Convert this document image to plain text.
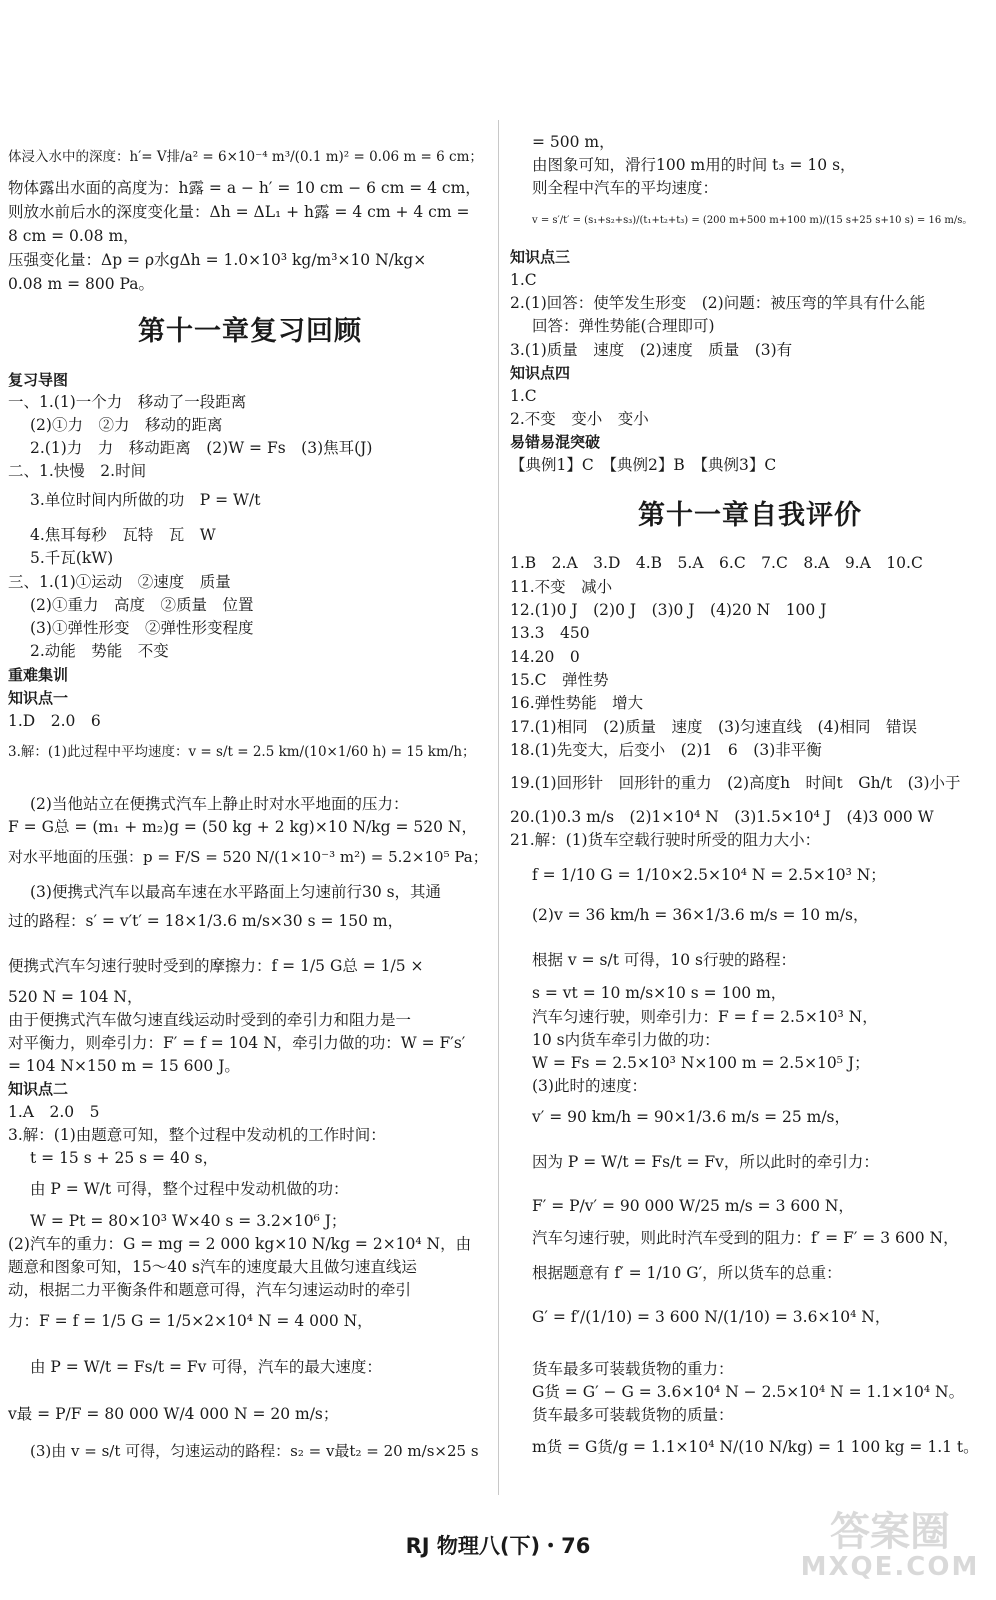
体浸入水中的深度：h′= V排/a² = 6×10⁻⁴ m³/(0.1 m)² = 0.06 m = 6 cm；
物体露出水面的高度为：h露 = a − h′ = 10 cm − 6 cm = 4 cm，
则放水前后水的深度变化量：Δh = ΔL₁ + h露 = 4 cm + 4 cm =
8 cm = 0.08 m，
压强变化量：Δp = ρ水gΔh = 1.0×10³ kg/m³×10 N/kg×
0.08 m = 800 Pa。
第十一章复习回顾
复习导图
一、1.(1)一个力　移动了一段距离
(2)①力　②力　移动的距离
2.(1)力　力　移动距离　(2)W = Fs　(3)焦耳(J)
二、1.快慢　2.时间
3.单位时间内所做的功　P = W/t
4.焦耳每秒　瓦特　瓦　W
5.千瓦(kW)
三、1.(1)①运动　②速度　质量
(2)①重力　高度　②质量　位置
(3)①弹性形变　②弹性形变程度
2.动能　势能　不变
重难集训
知识点一
1.D　2.0　6
3.解：(1)此过程中平均速度：v = s/t = 2.5 km/(10×1/60 h) = 15 km/h；
(2)当他站立在便携式汽车上静止时对水平地面的压力：
F = G总 = (m₁ + m₂)g = (50 kg + 2 kg)×10 N/kg = 520 N，
对水平地面的压强：p = F/S = 520 N/(1×10⁻³ m²) = 5.2×10⁵ Pa；
(3)便携式汽车以最高车速在水平路面上匀速前行30 s，其通
过的路程：s′ = v′t′ = 18×1/3.6 m/s×30 s = 150 m，
便携式汽车匀速行驶时受到的摩擦力：f = 1/5 G总 = 1/5 ×
520 N = 104 N，
由于便携式汽车做匀速直线运动时受到的牵引力和阻力是一
对平衡力，则牵引力：F′ = f = 104 N，牵引力做的功：W = F′s′
= 104 N×150 m = 15 600 J。
知识点二
1.A　2.0　5
3.解：(1)由题意可知，整个过程中发动机的工作时间：
t = 15 s + 25 s = 40 s，
由 P = W/t 可得，整个过程中发动机做的功：
W = Pt = 80×10³ W×40 s = 3.2×10⁶ J；
(2)汽车的重力：G = mg = 2 000 kg×10 N/kg = 2×10⁴ N，由
题意和图象可知，15～40 s汽车的速度最大且做匀速直线运
动，根据二力平衡条件和题意可得，汽车匀速运动时的牵引
力：F = f = 1/5 G = 1/5×2×10⁴ N = 4 000 N，
由 P = W/t = Fs/t = Fv 可得，汽车的最大速度：
v最 = P/F = 80 000 W/4 000 N = 20 m/s；
(3)由 v = s/t 可得，匀速运动的路程：s₂ = v最t₂ = 20 m/s×25 s
= 500 m，
由图象可知，滑行100 m用的时间 t₃ = 10 s，
则全程中汽车的平均速度：
v = s′/t′ = (s₁+s₂+s₃)/(t₁+t₂+t₃) = (200 m+500 m+100 m)/(15 s+25 s+10 s) = 16 m/s。
知识点三
1.C
2.(1)回答：使竿发生形变　(2)问题：被压弯的竿具有什么能
回答：弹性势能(合理即可)
3.(1)质量　速度　(2)速度　质量　(3)有
知识点四
1.C
2.不变　变小　变小
易错易混突破
【典例1】C　【典例2】B　【典例3】C
第十一章自我评价
1.B　2.A　3.D　4.B　5.A　6.C　7.C　8.A　9.A　10.C
11.不变　减小
12.(1)0 J　(2)0 J　(3)0 J　(4)20 N　100 J
13.3　450
14.20　0
15.C　弹性势
16.弹性势能　增大
17.(1)相同　(2)质量　速度　(3)匀速直线　(4)相同　错误
18.(1)先变大，后变小　(2)1　6　(3)非平衡
19.(1)回形针　回形针的重力　(2)高度h　时间t　Gh/t　(3)小于
20.(1)0.3 m/s　(2)1×10⁴ N　(3)1.5×10⁴ J　(4)3 000 W
21.解：(1)货车空载行驶时所受的阻力大小：
f = 1/10 G = 1/10×2.5×10⁴ N = 2.5×10³ N；
(2)v = 36 km/h = 36×1/3.6 m/s = 10 m/s，
根据 v = s/t 可得，10 s行驶的路程：
s = vt = 10 m/s×10 s = 100 m，
汽车匀速行驶，则牵引力：F = f = 2.5×10³ N，
10 s内货车牵引力做的功：
W = Fs = 2.5×10³ N×100 m = 2.5×10⁵ J；
(3)此时的速度：
v′ = 90 km/h = 90×1/3.6 m/s = 25 m/s，
因为 P = W/t = Fs/t = Fv，所以此时的牵引力：
F′ = P/v′ = 90 000 W/25 m/s = 3 600 N，
汽车匀速行驶，则此时汽车受到的阻力：f′ = F′ = 3 600 N，
根据题意有 f′ = 1/10 G′，所以货车的总重：
G′ = f′/(1/10) = 3 600 N/(1/10) = 3.6×10⁴ N，
货车最多可装载货物的重力：
G货 = G′ − G = 3.6×10⁴ N − 2.5×10⁴ N = 1.1×10⁴ N。
货车最多可装载货物的质量：
m货 = G货/g = 1.1×10⁴ N/(10 N/kg) = 1 100 kg = 1.1 t。
RJ 物理八(下)・76	答案圈
MXQE.COM
